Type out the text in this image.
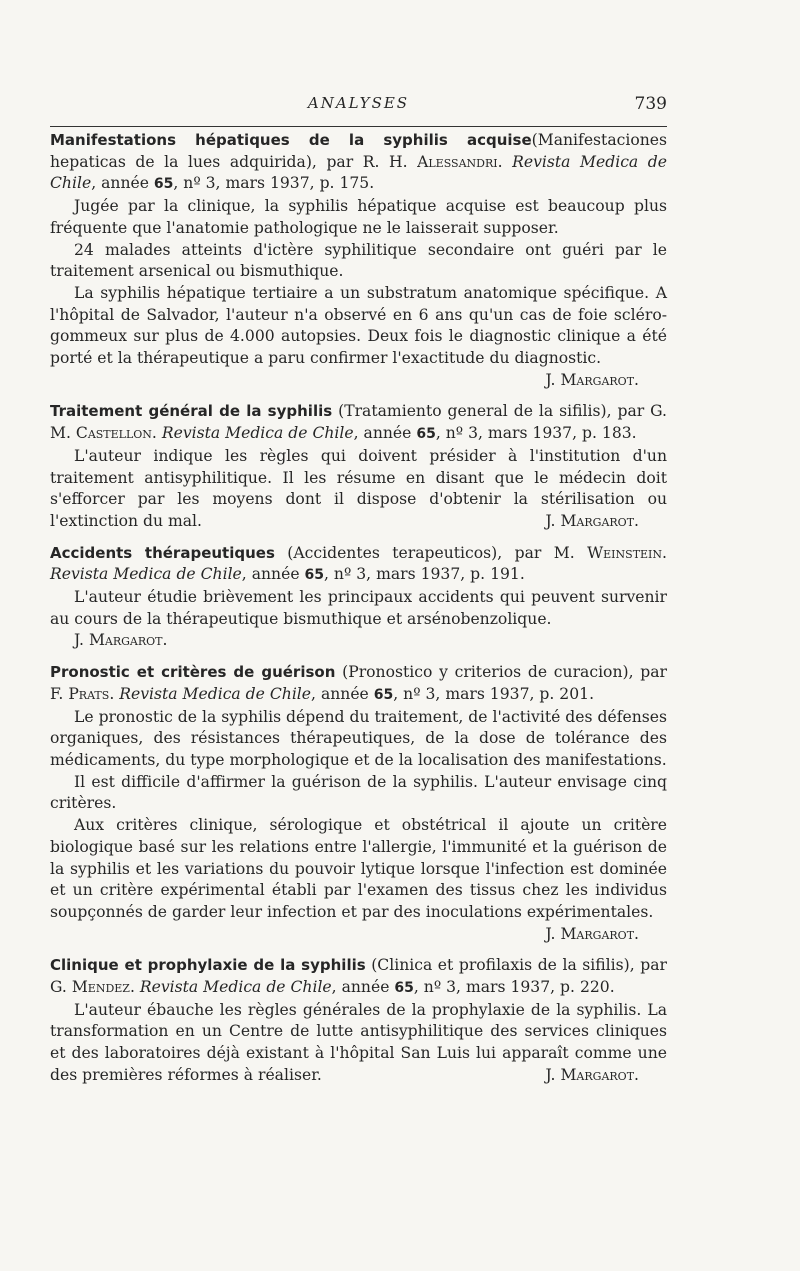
ANALYSES	739

Manifestations hépatiques de la syphilis acquise(Manifestaciones hepaticas de la lues adquirida), par R. H. Alessandri. Revista Medica de Chile, année 65, nº 3, mars 1937, p. 175.

Jugée par la clinique, la syphilis hépatique acquise est beaucoup plus fréquente que l'anatomie pathologique ne le laisserait supposer.

24 malades atteints d'ictère syphilitique secondaire ont guéri par le traitement arsenical ou bismuthique.

La syphilis hépatique tertiaire a un substratum anatomique spécifique. A l'hôpital de Salvador, l'auteur n'a observé en 6 ans qu'un cas de foie scléro-gommeux sur plus de 4.000 autopsies. Deux fois le diagnostic clinique a été porté et la thérapeutique a paru confirmer l'exactitude du diagnostic.
J. Margarot.

Traitement général de la syphilis (Tratamiento general de la sifilis), par G. M. Castellon. Revista Medica de Chile, année 65, nº 3, mars 1937, p. 183.

L'auteur indique les règles qui doivent présider à l'institution d'un traitement antisyphilitique. Il les résume en disant que le médecin doit s'efforcer par les moyens dont il dispose d'obtenir la stérilisation ou l'extinction du mal.	J. Margarot.

Accidents thérapeutiques (Accidentes terapeuticos), par M. Weinstein. Revista Medica de Chile, année 65, nº 3, mars 1937, p. 191.

L'auteur étudie brièvement les principaux accidents qui peuvent survenir au cours de la thérapeutique bismuthique et arsénobenzolique.

J. Margarot.

Pronostic et critères de guérison (Pronostico y criterios de curacion), par F. Prats. Revista Medica de Chile, année 65, nº 3, mars 1937, p. 201.

Le pronostic de la syphilis dépend du traitement, de l'activité des défenses organiques, des résistances thérapeutiques, de la dose de tolérance des médicaments, du type morphologique et de la localisation des manifestations.

Il est difficile d'affirmer la guérison de la syphilis. L'auteur envisage cinq critères.

Aux critères clinique, sérologique et obstétrical il ajoute un critère biologique basé sur les relations entre l'allergie, l'immunité et la guérison de la syphilis et les variations du pouvoir lytique lorsque l'infection est dominée et un critère expérimental établi par l'examen des tissus chez les individus soupçonnés de garder leur infection et par des inoculations expérimentales.
J. Margarot.

Clinique et prophylaxie de la syphilis (Clinica et profilaxis de la sifilis), par G. Mendez. Revista Medica de Chile, année 65, nº 3, mars 1937, p. 220.

L'auteur ébauche les règles générales de la prophylaxie de la syphilis. La transformation en un Centre de lutte antisyphilitique des services cliniques et des laboratoires déjà existant à l'hôpital San Luis lui apparaît comme une des premières réformes à réaliser.	J. Margarot.
